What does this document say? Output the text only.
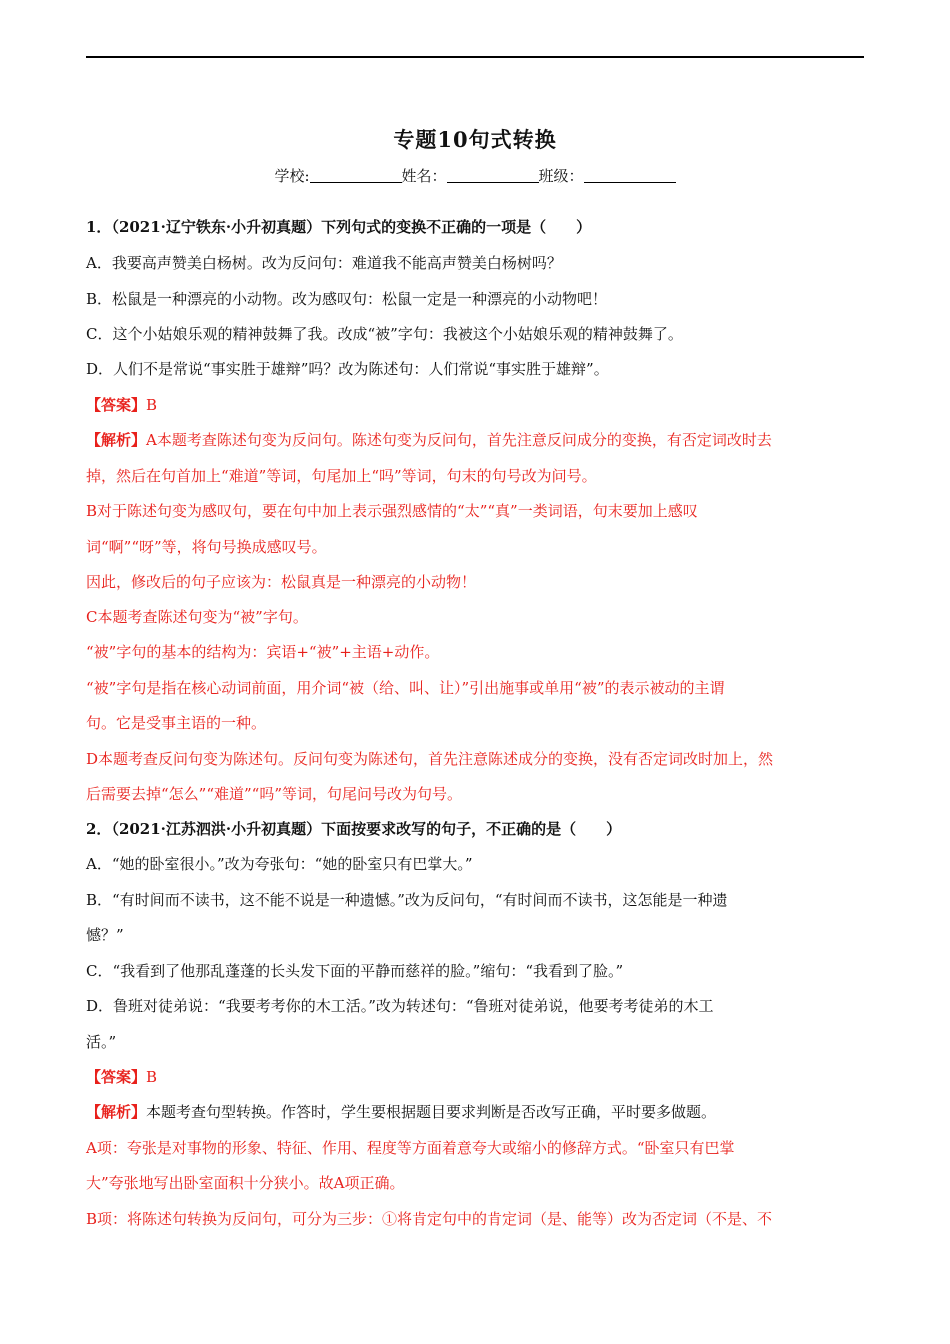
专题10句式转换
学校:	姓名：	班级：
1．（2021·辽宁铁东·小升初真题）下列句式的变换不正确的一项是（　　）
A．我要高声赞美白杨树。改为反问句：难道我不能高声赞美白杨树吗？
B．松鼠是一种漂亮的小动物。改为感叹句：松鼠一定是一种漂亮的小动物吧！
C．这个小姑娘乐观的精神鼓舞了我。改成“被”字句：我被这个小姑娘乐观的精神鼓舞了。
D．人们不是常说“事实胜于雄辩”吗？改为陈述句：人们常说“事实胜于雄辩”。
【答案】B
【解析】A本题考查陈述句变为反问句。陈述句变为反问句，首先注意反问成分的变换，有否定词改时去
掉，然后在句首加上“难道”等词，句尾加上“吗”等词，句末的句号改为问号。
B对于陈述句变为感叹句，要在句中加上表示强烈感情的“太”“真”一类词语，句末要加上感叹
词“啊”“呀”等，将句号换成感叹号。
因此，修改后的句子应该为：松鼠真是一种漂亮的小动物！
C本题考查陈述句变为“被”字句。
“被”字句的基本的结构为：宾语+“被”+主语+动作。
“被”字句是指在核心动词前面，用介词“被（给、叫、让）”引出施事或单用“被”的表示被动的主谓
句。它是受事主语的一种。
D本题考查反问句变为陈述句。反问句变为陈述句，首先注意陈述成分的变换，没有否定词改时加上，然
后需要去掉“怎么”“难道”“吗”等词，句尾问号改为句号。
2．（2021·江苏泗洪·小升初真题）下面按要求改写的句子，不正确的是（　　）
A．“她的卧室很小。”改为夸张句：“她的卧室只有巴掌大。”
B．“有时间而不读书，这不能不说是一种遗憾。”改为反问句，“有时间而不读书，这怎能是一种遗
憾？”
C．“我看到了他那乱蓬蓬的长头发下面的平静而慈祥的脸。”缩句：“我看到了脸。”
D．鲁班对徒弟说：“我要考考你的木工活。”改为转述句：“鲁班对徒弟说，他要考考徒弟的木工
活。”
【答案】B
【解析】本题考查句型转换。作答时，学生要根据题目要求判断是否改写正确，平时要多做题。
A项：夸张是对事物的形象、特征、作用、程度等方面着意夸大或缩小的修辞方式。“卧室只有巴掌
大”夸张地写出卧室面积十分狭小。故A项正确。
B项：将陈述句转换为反问句，可分为三步：①将肯定句中的肯定词（是、能等）改为否定词（不是、不
